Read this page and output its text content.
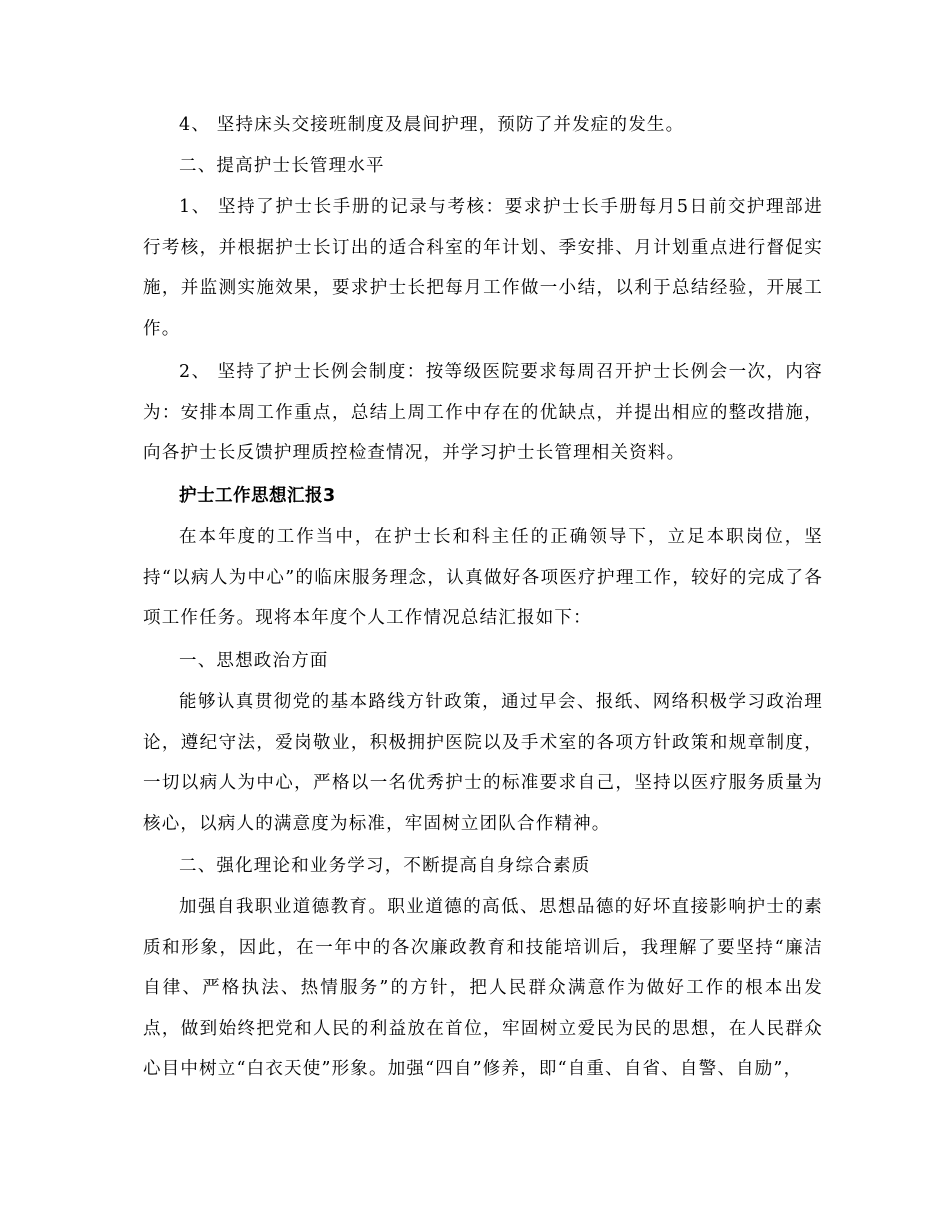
4、 坚持床头交接班制度及晨间护理，预防了并发症的发生。

二、提高护士长管理水平

1、 坚持了护士长手册的记录与考核：要求护士长手册每月5日前交护理部进行考核，并根据护士长订出的适合科室的年计划、季安排、月计划重点进行督促实施，并监测实施效果，要求护士长把每月工作做一小结，以利于总结经验，开展工作。

2、 坚持了护士长例会制度：按等级医院要求每周召开护士长例会一次，内容为：安排本周工作重点，总结上周工作中存在的优缺点，并提出相应的整改措施，向各护士长反馈护理质控检查情况，并学习护士长管理相关资料。

护士工作思想汇报3

在本年度的工作当中，在护士长和科主任的正确领导下，立足本职岗位，坚持“以病人为中心”的临床服务理念，认真做好各项医疗护理工作，较好的完成了各项工作任务。现将本年度个人工作情况总结汇报如下：

一、思想政治方面

能够认真贯彻党的基本路线方针政策，通过早会、报纸、网络积极学习政治理论，遵纪守法，爱岗敬业，积极拥护医院以及手术室的各项方针政策和规章制度，一切以病人为中心，严格以一名优秀护士的标准要求自己，坚持以医疗服务质量为核心，以病人的满意度为标准，牢固树立团队合作精神。

二、强化理论和业务学习，不断提高自身综合素质

加强自我职业道德教育。职业道德的高低、思想品德的好坏直接影响护士的素质和形象，因此，在一年中的各次廉政教育和技能培训后，我理解了要坚持“廉洁自律、严格执法、热情服务”的方针，把人民群众满意作为做好工作的根本出发点，做到始终把党和人民的利益放在首位，牢固树立爱民为民的思想，在人民群众心目中树立“白衣天使”形象。加强“四自”修养，即“自重、自省、自警、自励”，
